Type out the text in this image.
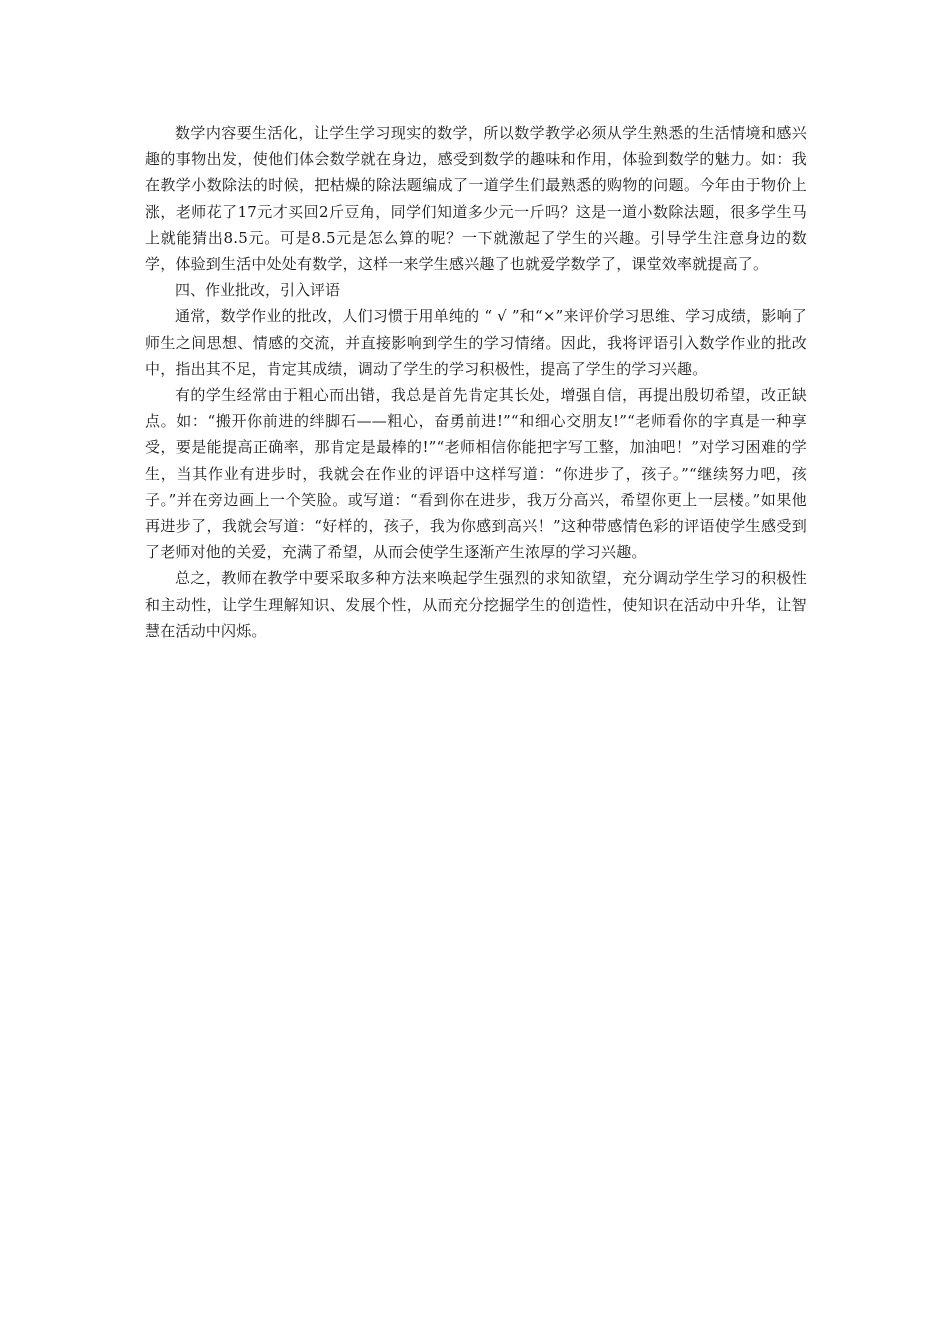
数学内容要生活化，让学生学习现实的数学，所以数学教学必须从学生熟悉的生活情境和感兴趣的事物出发，使他们体会数学就在身边，感受到数学的趣味和作用，体验到数学的魅力。如：我在教学小数除法的时候，把枯燥的除法题编成了一道学生们最熟悉的购物的问题。今年由于物价上涨，老师花了17元才买回2斤豆角，同学们知道多少元一斤吗？这是一道小数除法题，很多学生马上就能猜出8.5元。可是8.5元是怎么算的呢？一下就激起了学生的兴趣。引导学生注意身边的数学，体验到生活中处处有数学，这样一来学生感兴趣了也就爱学数学了，课堂效率就提高了。

四、作业批改，引入评语

通常，数学作业的批改，人们习惯于用单纯的 “ √ ”和“×”来评价学习思维、学习成绩，影响了师生之间思想、情感的交流，并直接影响到学生的学习情绪。因此，我将评语引入数学作业的批改中，指出其不足，肯定其成绩，调动了学生的学习积极性，提高了学生的学习兴趣。

有的学生经常由于粗心而出错，我总是首先肯定其长处，增强自信，再提出殷切希望，改正缺点。如：“搬开你前进的绊脚石——粗心，奋勇前进!”“和细心交朋友!”“老师看你的字真是一种享受，要是能提高正确率，那肯定是最棒的!”“老师相信你能把字写工整，加油吧！”对学习困难的学生，当其作业有进步时，我就会在作业的评语中这样写道：“你进步了，孩子。”“继续努力吧，孩子。”并在旁边画上一个笑脸。或写道：“看到你在进步，我万分高兴，希望你更上一层楼。”如果他再进步了，我就会写道：“好样的，孩子，我为你感到高兴！”这种带感情色彩的评语使学生感受到了老师对他的关爱，充满了希望，从而会使学生逐渐产生浓厚的学习兴趣。

总之，教师在教学中要采取多种方法来唤起学生强烈的求知欲望，充分调动学生学习的积极性和主动性，让学生理解知识、发展个性，从而充分挖掘学生的创造性，使知识在活动中升华，让智慧在活动中闪烁。
